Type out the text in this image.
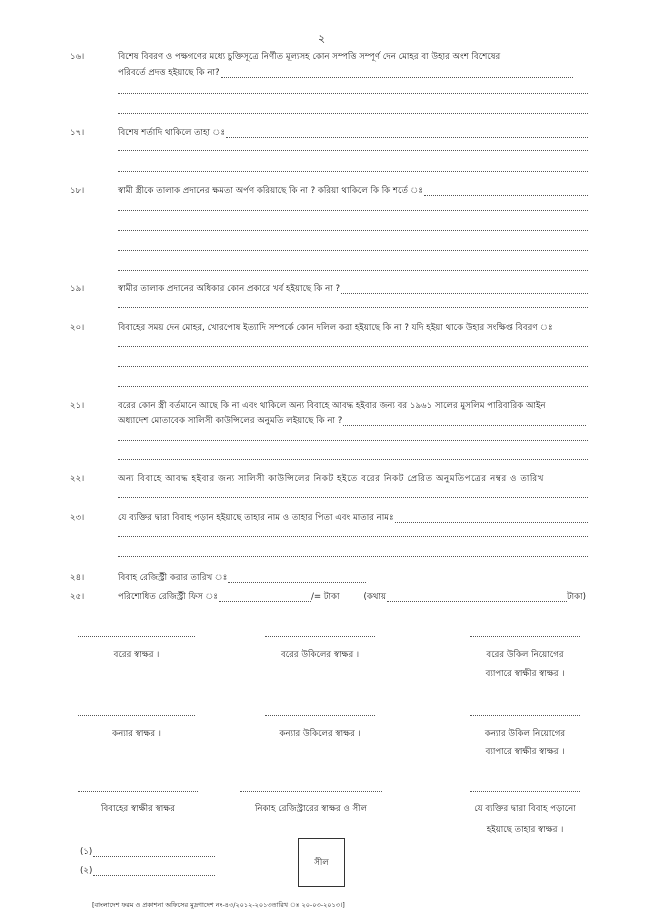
২
১৬।	বিশেষ বিবরণ ও পক্ষগণের মধ্যে চুক্তিসূত্রে নির্ণীত মূল্যসহ কোন সম্পত্তি সম্পূর্ণ দেন মোহর বা উহার অংশ বিশেষের
পরিবর্তে প্রদত্ত হইয়াছে কি না?
১৭।	বিশেষ শর্তাদি থাকিলে তাহা ঃ
১৮।	স্বামী স্ত্রীকে তালাক প্রদানের ক্ষমতা অর্পণ করিয়াছে কি না ? করিয়া থাকিলে কি কি শর্তে ঃ
১৯।	স্বামীর তালাক প্রদানের অধিকার কোন প্রকারে খর্ব হইয়াছে কি না ?
২০।	বিবাহের সময় দেন মোহর, খোরপোষ ইত্যাদি সম্পর্কে কোন দলিল করা হইয়াছে কি না ? যদি হইয়া থাকে উহার সংক্ষিপ্ত বিবরণ ঃ
২১।	বরের কোন স্ত্রী বর্তমানে আছে কি না এবং থাকিলে অন্য বিবাহে আবদ্ধ হইবার জন্য বর ১৯৬১ সালের মুসলিম পারিবারিক আইন
অধ্যাদেশ মোতাবেক সালিসী কাউন্সিলের অনুমতি লইয়াছে কি না ?
২২।	অন্য বিবাহে আবদ্ধ হইবার জন্য সালিসী কাউন্সিলের নিকট হইতে বরের নিকট প্রেরিত অনুমতিপত্রের নম্বর ও তারিখ
২৩।	যে ব্যক্তির দ্বারা বিবাহ পড়ান হইয়াছে তাহার নাম ও তাহার পিতা এবং মাতার নামঃ
২৪।	বিবাহ রেজিস্ট্রী করার তারিখ ঃ
২৫।	পরিশোধিত রেজিস্ট্রী ফিস ঃ	/= টাকা	(কথায়	টাকা)
বরের স্বাক্ষর ।	বরের উকিলের স্বাক্ষর ।	বরের উকিল নিয়োগের
ব্যাপারে স্বাক্ষীর স্বাক্ষর ।
কন্যার স্বাক্ষর ।	কন্যার উকিলের স্বাক্ষর ।	কন্যার উকিল নিয়োগের
ব্যাপারে স্বাক্ষীর স্বাক্ষর ।
বিবাহের স্বাক্ষীর স্বাক্ষর	নিকাহ রেজিস্ট্রারের স্বাক্ষর ও সীল	যে ব্যক্তির দ্বারা বিবাহ পড়ানো
হইয়াছে তাহার স্বাক্ষর ।
(১)
(২)
সীল
[বাংলাদেশ ফরম ও প্রকাশনা অফিসের মুদ্রণাদেশ নং-৪৩/২০১২-২০১৩তারিখ ঃ ২০-০৩-২০১৩।]
